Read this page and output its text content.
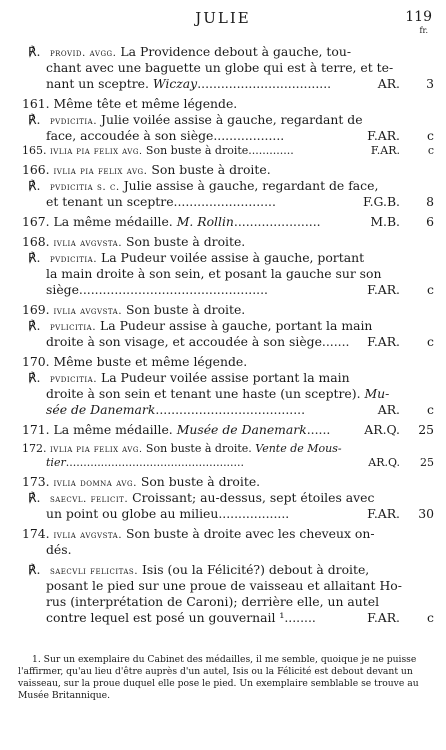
JULIE	119
fr.
℟. provid. avgg. La Providence debout à gauche, tou-
chant avec une baguette un globe qui est à terre, et te-
nant un sceptre. Wiczay..................................	AR. 3
161. Même tête et même légende.
℟. pvdicitia. Julie voilée assise à gauche, regardant de
face, accoudée à son siège..................	F.AR. c
165. ivlia pia felix avg. Son buste à droite.............	F.AR.	c
166. ivlia pia felix avg. Son buste à droite.
℟. pvdicitia s. c. Julie assise à gauche, regardant de face,
et tenant un sceptre..........................	F.G.B. 8
167. La même médaille. M. Rollin......................	M.B. 6
168. ivlia avgvsta. Son buste à droite.
℟. pvdicitia. La Pudeur voilée assise à gauche, portant
la main droite à son sein, et posant la gauche sur son
siège................................................	F.AR. c
169. ivlia avgvsta. Son buste à droite.
℟. pvlicitia. La Pudeur assise à gauche, portant la main
droite à son visage, et accoudée à son siège....... F.AR. c
170. Même buste et même légende.
℟. pvdicitia. La Pudeur voilée assise portant la main
droite à son sein et tenant une haste (un sceptre). Mu-
sée de Danemark......................................	AR. c
171. La même médaille. Musée de Danemark......	AR.Q. 25
172. ivlia pia felix avg. Son buste à droite. Vente de Mous-
tier...................................................	AR.Q. 25
173. ivlia domna avg. Son buste à droite.
℟. saecvl. felicit. Croissant; au-dessus, sept étoiles avec
un point ou globe au milieu..................	F.AR. 30
174. ivlia avgvsta. Son buste à droite avec les cheveux on-
dés.
℟. saecvli felicitas. Isis (ou la Félicité?) debout à droite,
posant le pied sur une proue de vaisseau et allaitant Ho-
rus (interprétation de Caroni); derrière elle, un autel
contre lequel est posé un gouvernail ¹........	F.AR. c

1. Sur un exemplaire du Cabinet des médailles, il me semble, quoique je ne puisse l'affirmer, qu'au lieu d'être auprès d'un autel, Isis ou la Félicité est debout devant un vaisseau, sur la proue duquel elle pose le pied. Un exemplaire semblable se trouve au Musée Britannique.
